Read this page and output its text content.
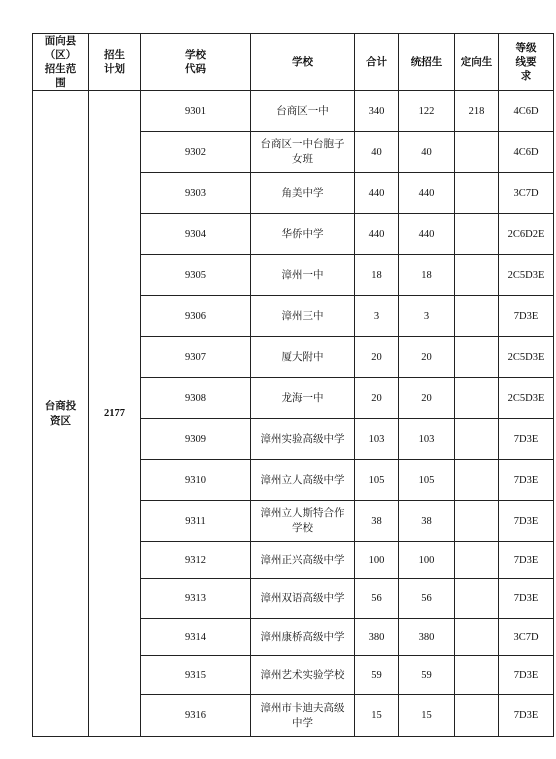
面向县（区）招生范围	招生计划	学校代码	学校	合计	统招生	定向生	等级线要求
台商投资区	2177	9301	台商区一中	340	122	218	4C6D
		9302	台商区一中台胞子女班	40	40		4C6D
		9303	角美中学	440	440		3C7D
		9304	华侨中学	440	440		2C6D2E
		9305	漳州一中	18	18		2C5D3E
		9306	漳州三中	3	3		7D3E
		9307	厦大附中	20	20		2C5D3E
		9308	龙海一中	20	20		2C5D3E
		9309	漳州实验高级中学	103	103		7D3E
		9310	漳州立人高级中学	105	105		7D3E
		9311	漳州立人斯特合作学校	38	38		7D3E
		9312	漳州正兴高级中学	100	100		7D3E
		9313	漳州双语高级中学	56	56		7D3E
		9314	漳州康桥高级中学	380	380		3C7D
		9315	漳州艺术实验学校	59	59		7D3E
		9316	漳州市卡迪夫高级中学	15	15		7D3E
